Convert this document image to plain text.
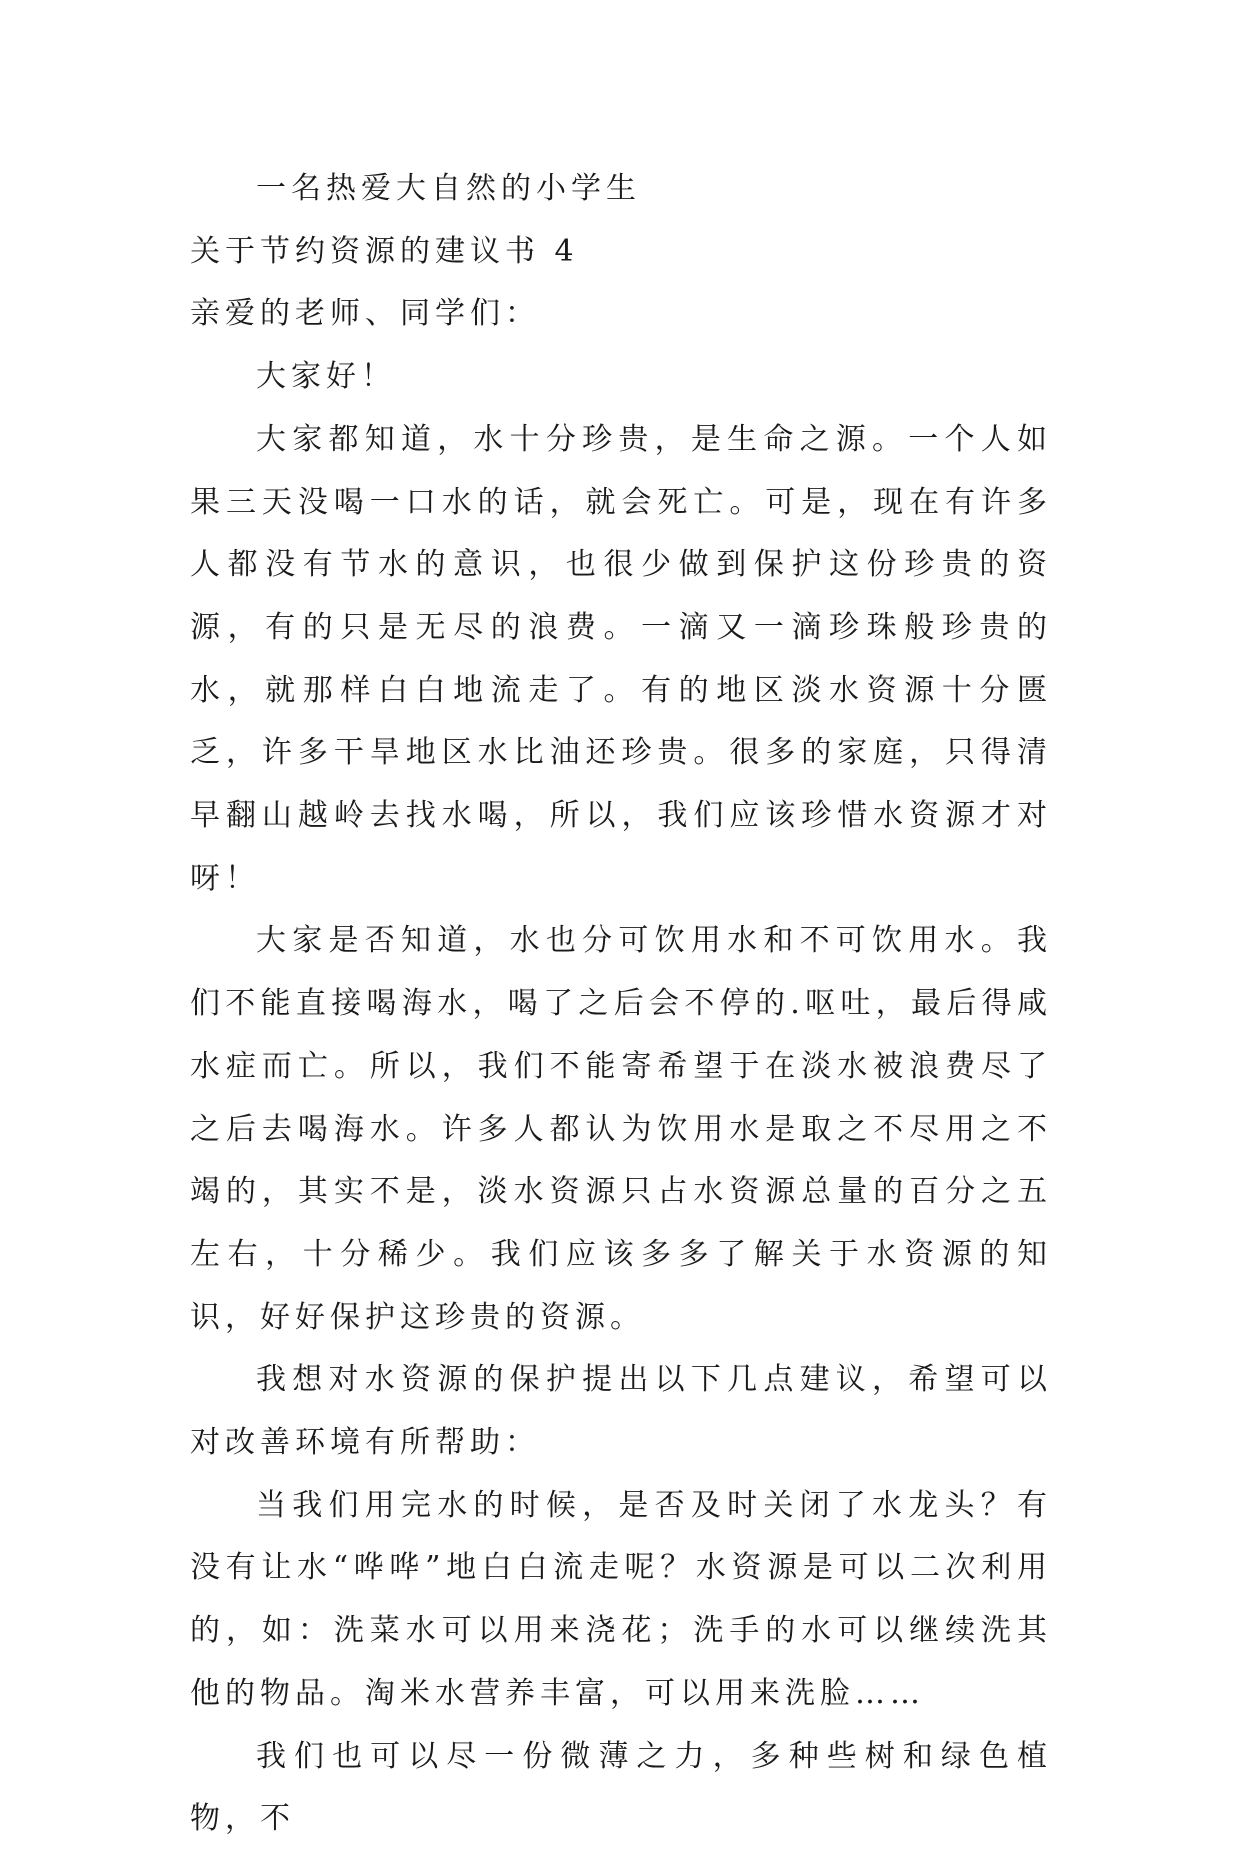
一名热爱大自然的小学生

关于节约资源的建议书 4

亲爱的老师、同学们：

大家好！

大家都知道，水十分珍贵，是生命之源。一个人如果三天没喝一口水的话，就会死亡。可是，现在有许多人都没有节水的意识，也很少做到保护这份珍贵的资源，有的只是无尽的浪费。一滴又一滴珍珠般珍贵的水，就那样白白地流走了。有的地区淡水资源十分匮乏，许多干旱地区水比油还珍贵。很多的家庭，只得清早翻山越岭去找水喝，所以，我们应该珍惜水资源才对呀！

大家是否知道，水也分可饮用水和不可饮用水。我们不能直接喝海水，喝了之后会不停的.呕吐，最后得咸水症而亡。所以，我们不能寄希望于在淡水被浪费尽了之后去喝海水。许多人都认为饮用水是取之不尽用之不竭的，其实不是，淡水资源只占水资源总量的百分之五左右，十分稀少。我们应该多多了解关于水资源的知识，好好保护这珍贵的资源。

我想对水资源的保护提出以下几点建议，希望可以对改善环境有所帮助：

当我们用完水的时候，是否及时关闭了水龙头？有没有让水“哗哗”地白白流走呢？水资源是可以二次利用的，如：洗菜水可以用来浇花；洗手的水可以继续洗其他的物品。淘米水营养丰富，可以用来洗脸……

我们也可以尽一份微薄之力，多种些树和绿色植物，不
